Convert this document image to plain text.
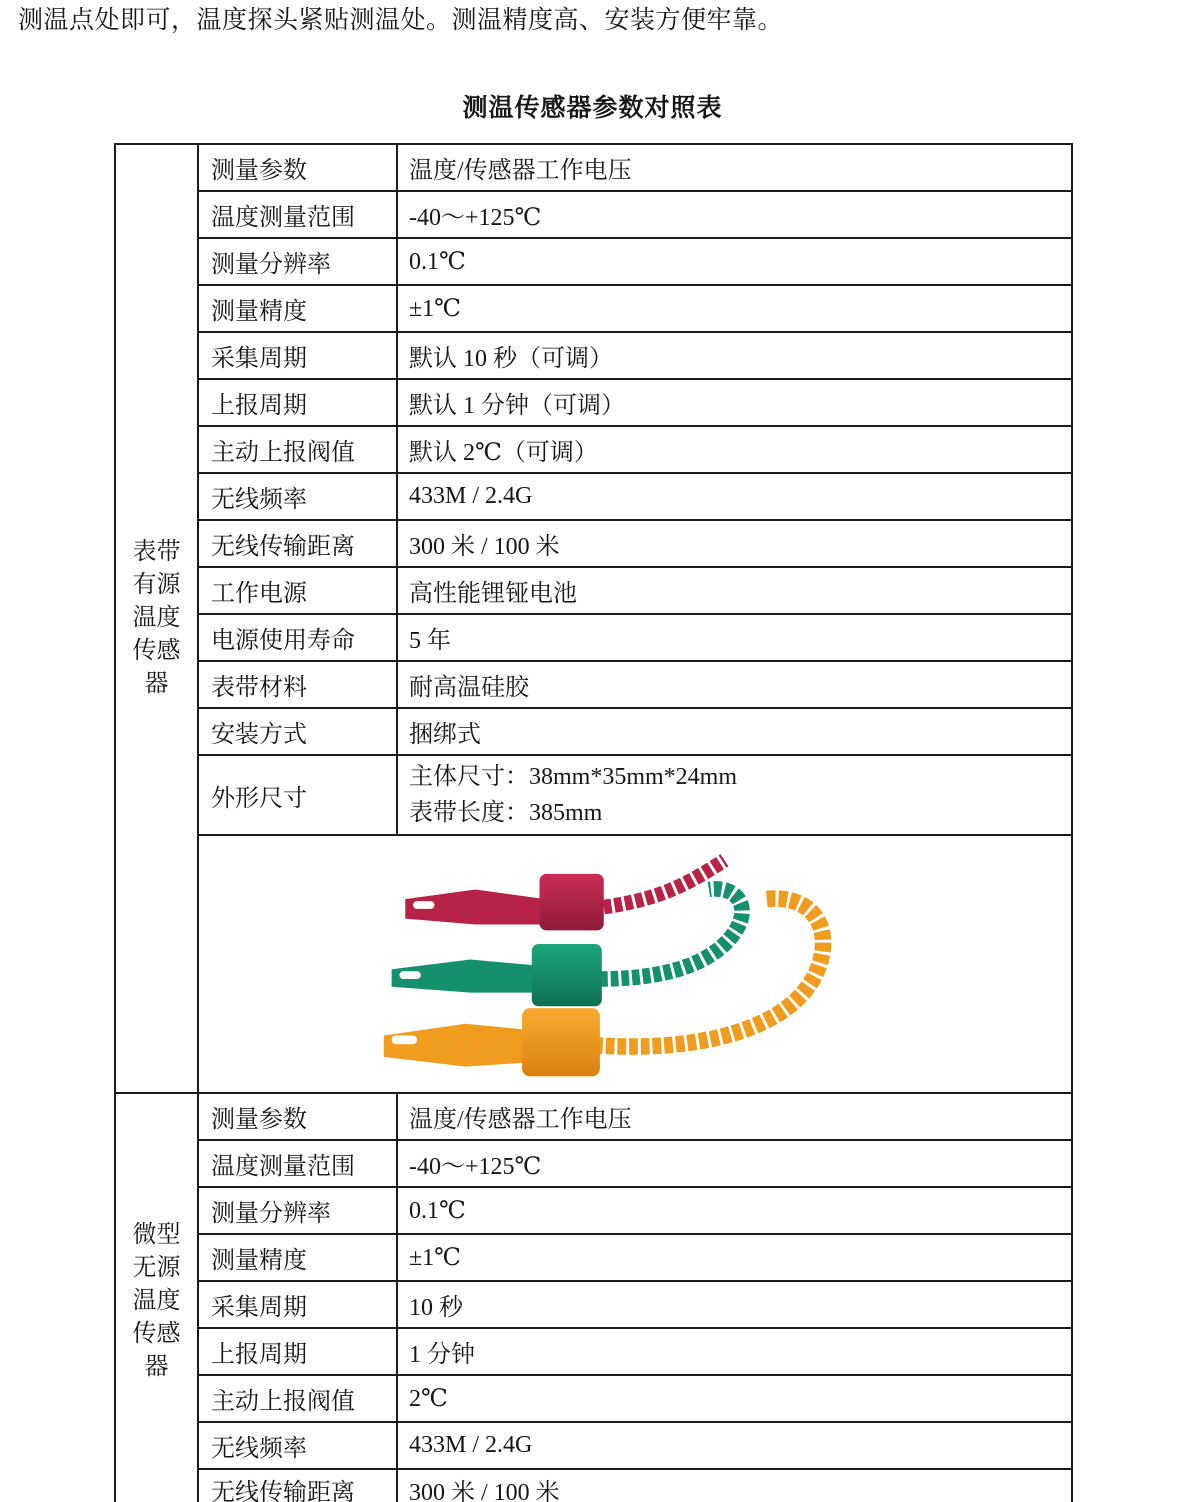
测温点处即可，温度探头紧贴测温处。测温精度高、安装方便牢靠。

测温传感器参数对照表
表带
有源
温度
传感
器	测量参数	温度/传感器工作电压
	温度测量范围	-40～+125℃
	测量分辨率	0.1℃
	测量精度	±1℃
	采集周期	默认 10 秒（可调）
	上报周期	默认 1 分钟（可调）
	主动上报阀值	默认 2℃（可调）
	无线频率	433M / 2.4G
	无线传输距离	300 米 / 100 米
	工作电源	高性能锂铔电池
	电源使用寿命	5 年
	表带材料	耐高温硅胶
	安装方式	捆绑式
	外形尺寸	主体尺寸：38mm*35mm*24mm
表带长度：385mm

微型
无源
温度
传感
器	测量参数	温度/传感器工作电压
	温度测量范围	-40～+125℃
	测量分辨率	0.1℃
	测量精度	±1℃
	采集周期	10 秒
	上报周期	1 分钟
	主动上报阀值	2℃
	无线频率	433M / 2.4G
	无线传输距离	300 米 / 100 米
